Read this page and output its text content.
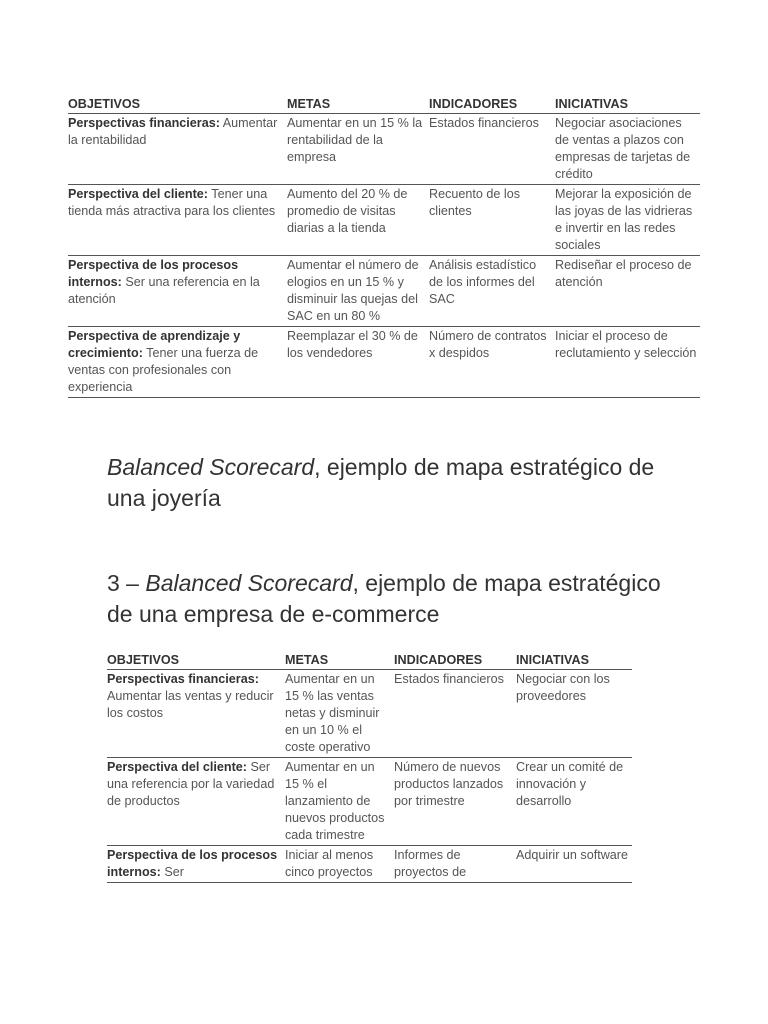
OBJETIVOS	METAS	INDICADORES	INICIATIVAS
Perspectivas financieras: Aumentar la rentabilidad	Aumentar en un 15 % la rentabilidad de la empresa	Estados financieros	Negociar asociaciones de ventas a plazos con empresas de tarjetas de crédito
Perspectiva del cliente: Tener una tienda más atractiva para los clientes	Aumento del 20 % de promedio de visitas diarias a la tienda	Recuento de los clientes	Mejorar la exposición de las joyas de las vidrieras e invertir en las redes sociales
Perspectiva de los procesos internos: Ser una referencia en la atención	Aumentar el número de elogios en un 15 % y disminuir las quejas del SAC en un 80 %	Análisis estadístico de los informes del SAC	Rediseñar el proceso de atención
Perspectiva de aprendizaje y crecimiento: Tener una fuerza de ventas con profesionales con experiencia	Reemplazar el 30 % de los vendedores	Número de contratos x despidos	Iniciar el proceso de reclutamiento y selección
Balanced Scorecard, ejemplo de mapa estratégico de una joyería
3 – Balanced Scorecard, ejemplo de mapa estratégico de una empresa de e-commerce
OBJETIVOS	METAS	INDICADORES	INICIATIVAS
Perspectivas financieras: Aumentar las ventas y reducir los costos	Aumentar en un 15 % las ventas netas y disminuir en un 10 % el coste operativo	Estados financieros	Negociar con los proveedores
Perspectiva del cliente: Ser una referencia por la variedad de productos	Aumentar en un 15 % el lanzamiento de nuevos productos cada trimestre	Número de nuevos productos lanzados por trimestre	Crear un comité de innovación y desarrollo
Perspectiva de los procesos internos: Ser	Iniciar al menos cinco proyectos	Informes de proyectos de	Adquirir un software
